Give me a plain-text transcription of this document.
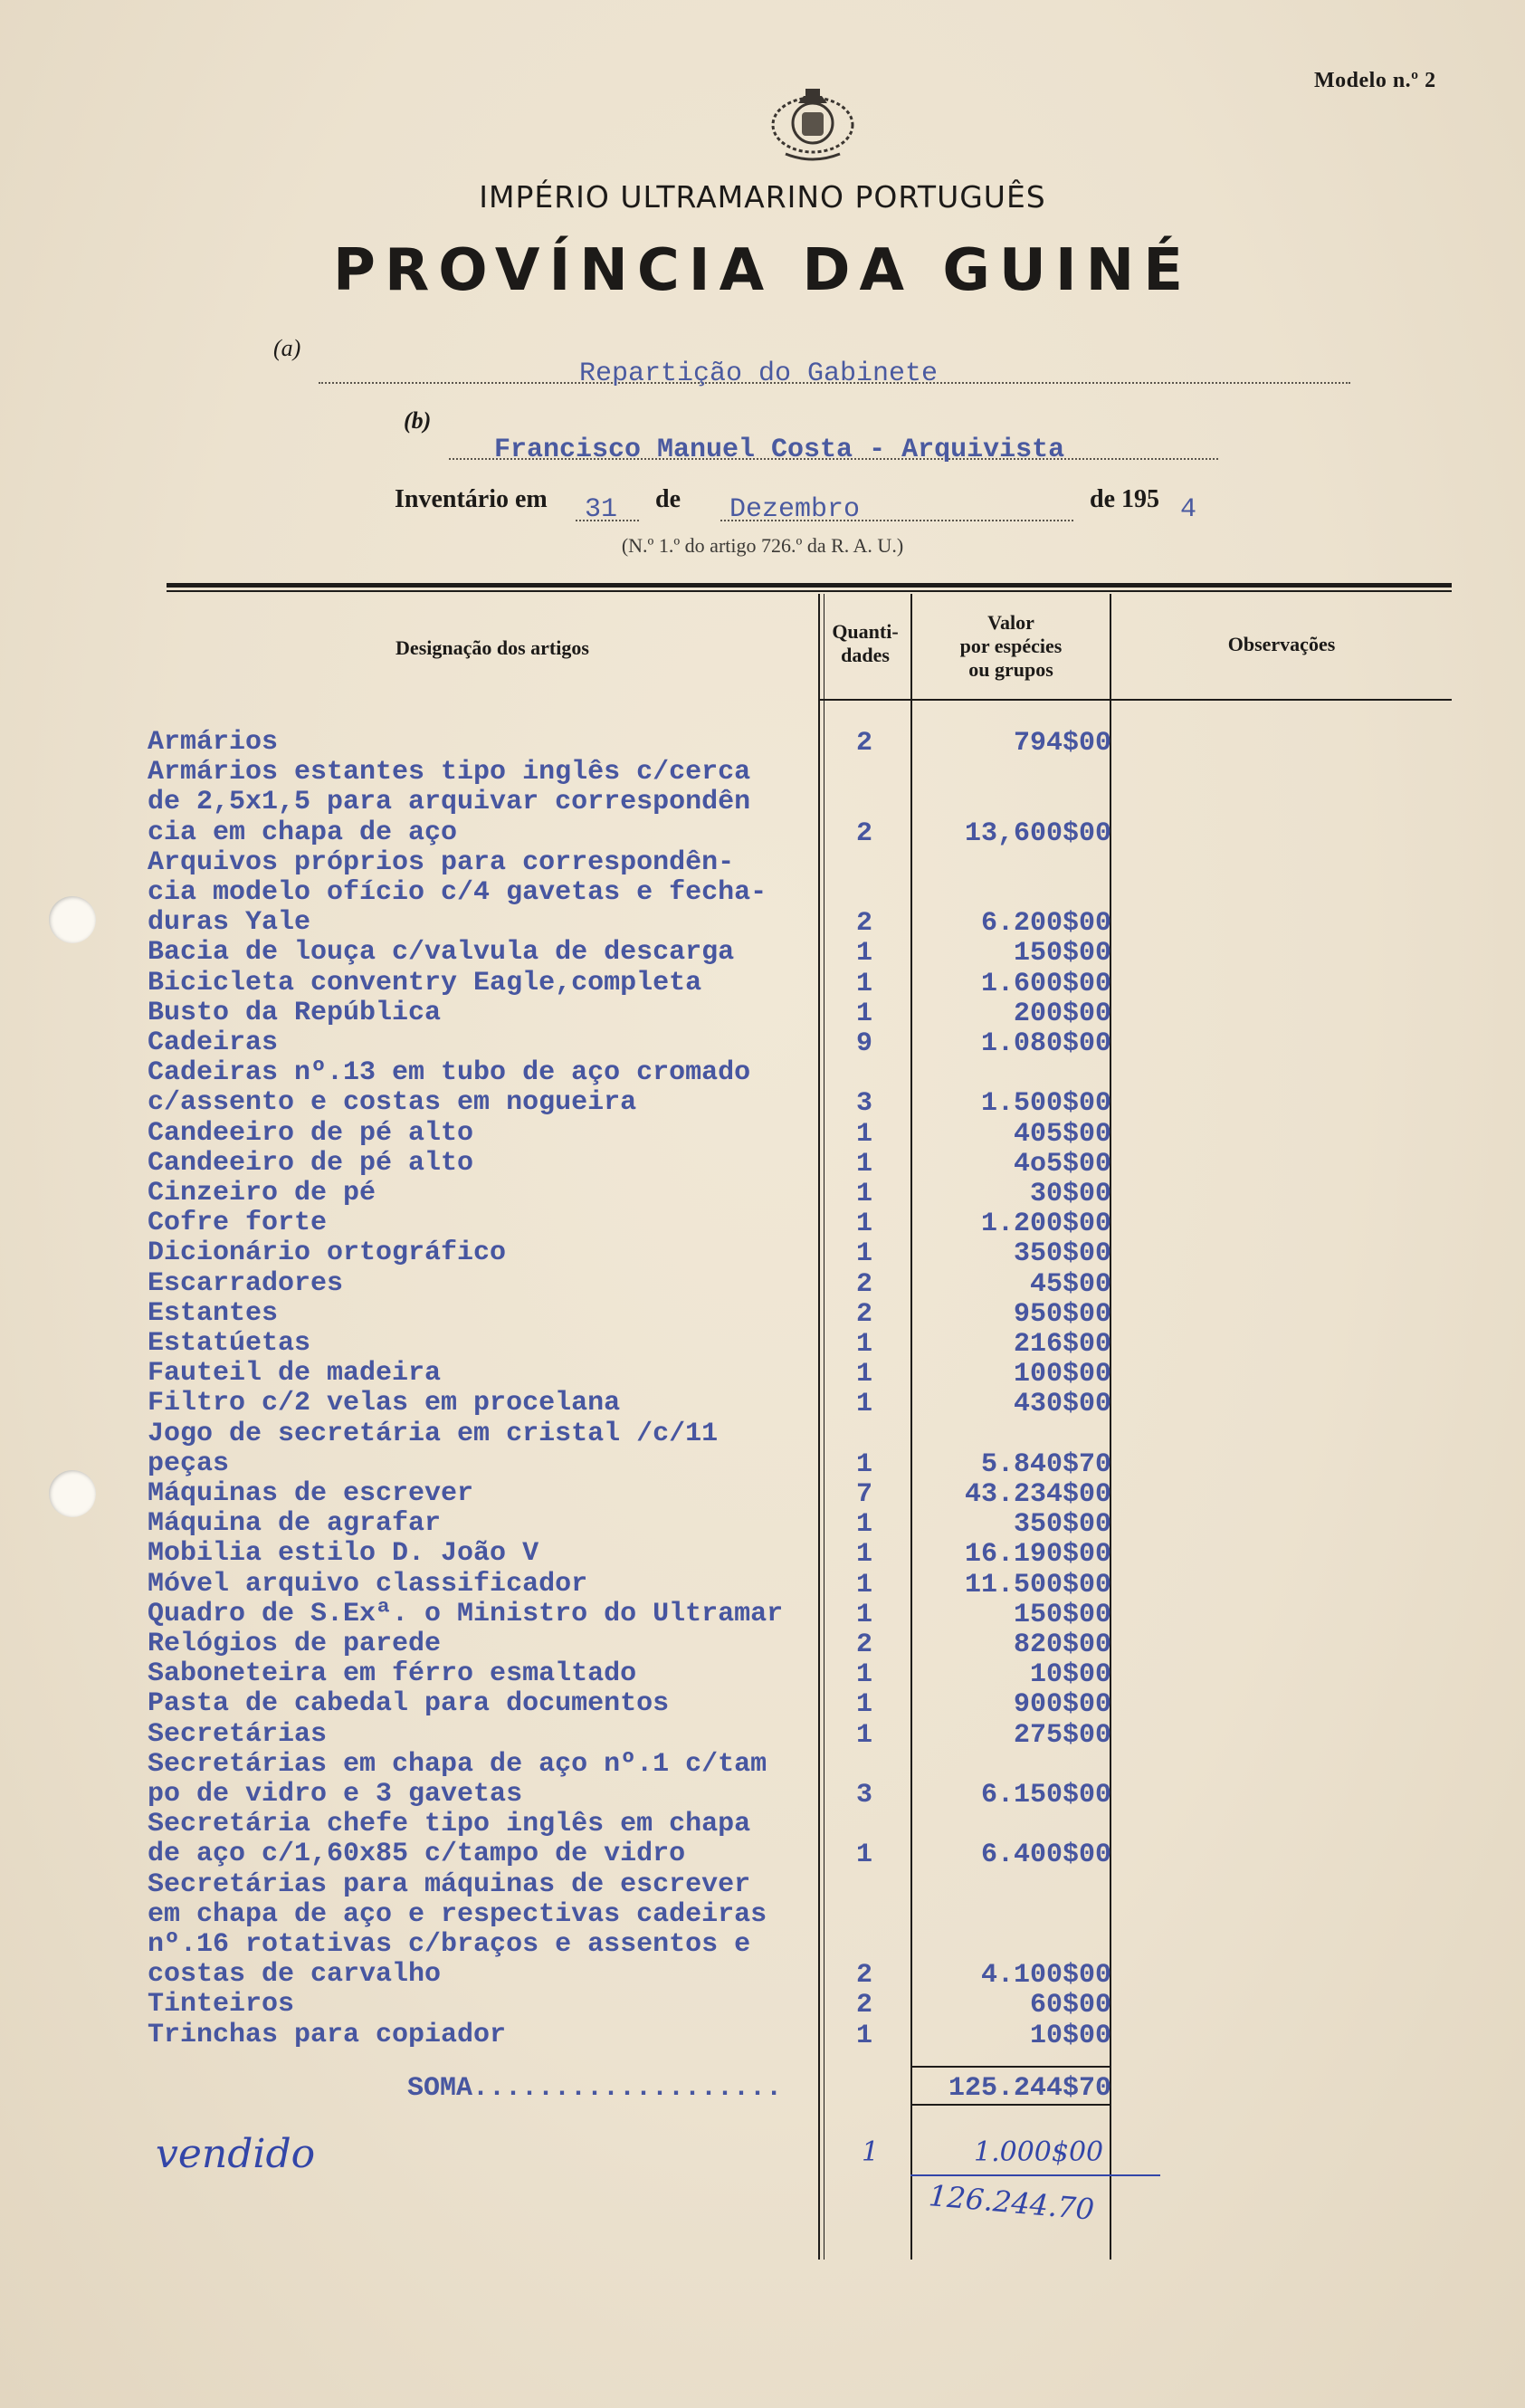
Modelo n.º 2
IMPÉRIO ULTRAMARINO PORTUGUÊS
PROVÍNCIA DA GUINÉ
(a)
Repartição do Gabinete
(b)
Francisco Manuel Costa - Arquivista
Inventário em 31 de Dezembro	de 195 4
(N.º 1.º do artigo 726.º da R. A. U.)
Designação dos artigos
Quanti-
dades
Valor
por espécies
ou grupos
Observações
Armários	2	794$00
Armários estantes tipo inglês c/cerca
de 2,5x1,5 para arquivar correspondên
cia em chapa de aço	2	13,600$00
Arquivos próprios para correspondên-
cia modelo ofício c/4 gavetas e fecha-
duras Yale	2	6.200$00
Bacia de louça c/valvula de descarga	1	150$00
Bicicleta conventry Eagle,completa	1	1.600$00
Busto da República	1	200$00
Cadeiras	9	1.080$00
Cadeiras nº.13 em tubo de aço cromado
c/assento e costas em nogueira	3	1.500$00
Candeeiro de pé alto	1	405$00
Candeeiro de pé alto	1	4o5$00
Cinzeiro de pé	1	30$00
Cofre forte	1	1.200$00
Dicionário ortográfico	1	350$00
Escarradores	2	45$00
Estantes	2	950$00
Estatúetas	1	216$00
Fauteil de madeira	1	100$00
Filtro c/2 velas em procelana	1	430$00
Jogo de secretária em cristal /c/11
peças	1	5.840$70
Máquinas de escrever	7	43.234$00
Máquina de agrafar	1	350$00
Mobilia estilo D. João V	1	16.190$00
Móvel arquivo classificador	1	11.500$00
Quadro de S.Exª. o Ministro do Ultramar	1	150$00
Relógios de parede	2	820$00
Saboneteira em férro esmaltado	1	10$00
Pasta de cabedal para documentos	1	900$00
Secretárias	1	275$00
Secretárias em chapa de aço nº.1 c/tam
po de vidro e 3 gavetas	3	6.150$00
Secretária chefe tipo inglês em chapa
de aço c/1,60x85 c/tampo de vidro	1	6.400$00
Secretárias para máquinas de escrever
em chapa de aço e respectivas cadeiras
nº.16 rotativas c/braços e assentos e
costas de carvalho	2	4.100$00
Tinteiros	2	60$00
Trinchas para copiador	1	10$00
SOMA...................	125.244$70
vendido	1	1.000$00
126.244.70
